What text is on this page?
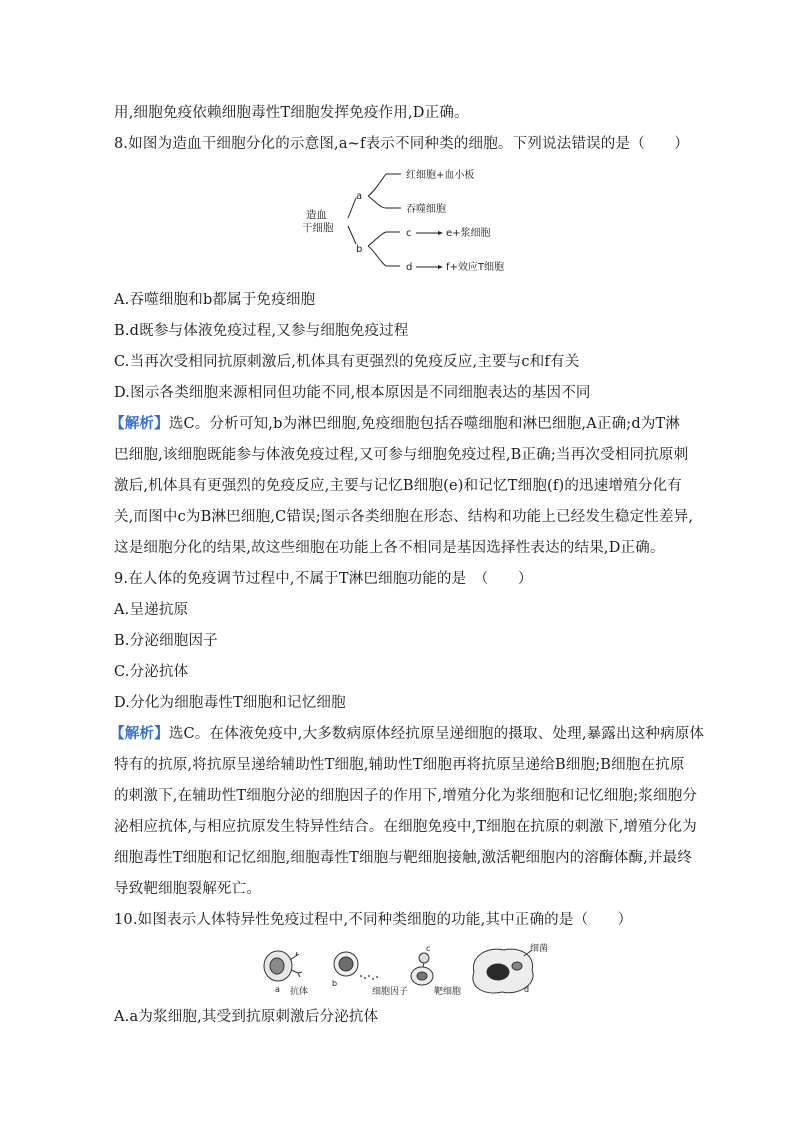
用,细胞免疫依赖细胞毒性T细胞发挥免疫作用,D正确。
8.如图为造血干细胞分化的示意图,a~f表示不同种类的细胞。下列说法错误的是（　　）
造血
干细胞
a
b
红细胞+血小板
吞噬细胞
c	e+浆细胞
d	f+效应T细胞
A.吞噬细胞和b都属于免疫细胞
B.d既参与体液免疫过程,又参与细胞免疫过程
C.当再次受相同抗原刺激后,机体具有更强烈的免疫反应,主要与c和f有关
D.图示各类细胞来源相同但功能不同,根本原因是不同细胞表达的基因不同
【解析】选C。分析可知,b为淋巴细胞,免疫细胞包括吞噬细胞和淋巴细胞,A正确;d为T淋
巴细胞,该细胞既能参与体液免疫过程,又可参与细胞免疫过程,B正确;当再次受相同抗原刺
激后,机体具有更强烈的免疫反应,主要与记忆B细胞(e)和记忆T细胞(f)的迅速增殖分化有
关,而图中c为B淋巴细胞,C错误;图示各类细胞在形态、结构和功能上已经发生稳定性差异,
这是细胞分化的结果,故这些细胞在功能上各不相同是基因选择性表达的结果,D正确。
9.在人体的免疫调节过程中,不属于T淋巴细胞功能的是　（　　）
A.呈递抗原
B.分泌细胞因子
C.分泌抗体
D.分化为细胞毒性T细胞和记忆细胞
【解析】选C。在体液免疫中,大多数病原体经抗原呈递细胞的摄取、处理,暴露出这种病原体
特有的抗原,将抗原呈递给辅助性T细胞,辅助性T细胞再将抗原呈递给B细胞;B细胞在抗原
的刺激下,在辅助性T细胞分泌的细胞因子的作用下,增殖分化为浆细胞和记忆细胞;浆细胞分
泌相应抗体,与相应抗原发生特异性结合。在细胞免疫中,T细胞在抗原的刺激下,增殖分化为
细胞毒性T细胞和记忆细胞,细胞毒性T细胞与靶细胞接触,激活靶细胞内的溶酶体酶,并最终
导致靶细胞裂解死亡。
10.如图表示人体特异性免疫过程中,不同种类细胞的功能,其中正确的是（　　）
a 抗体
b
细胞因子
c
靶细胞
细菌
d
A.a为浆细胞,其受到抗原刺激后分泌抗体
